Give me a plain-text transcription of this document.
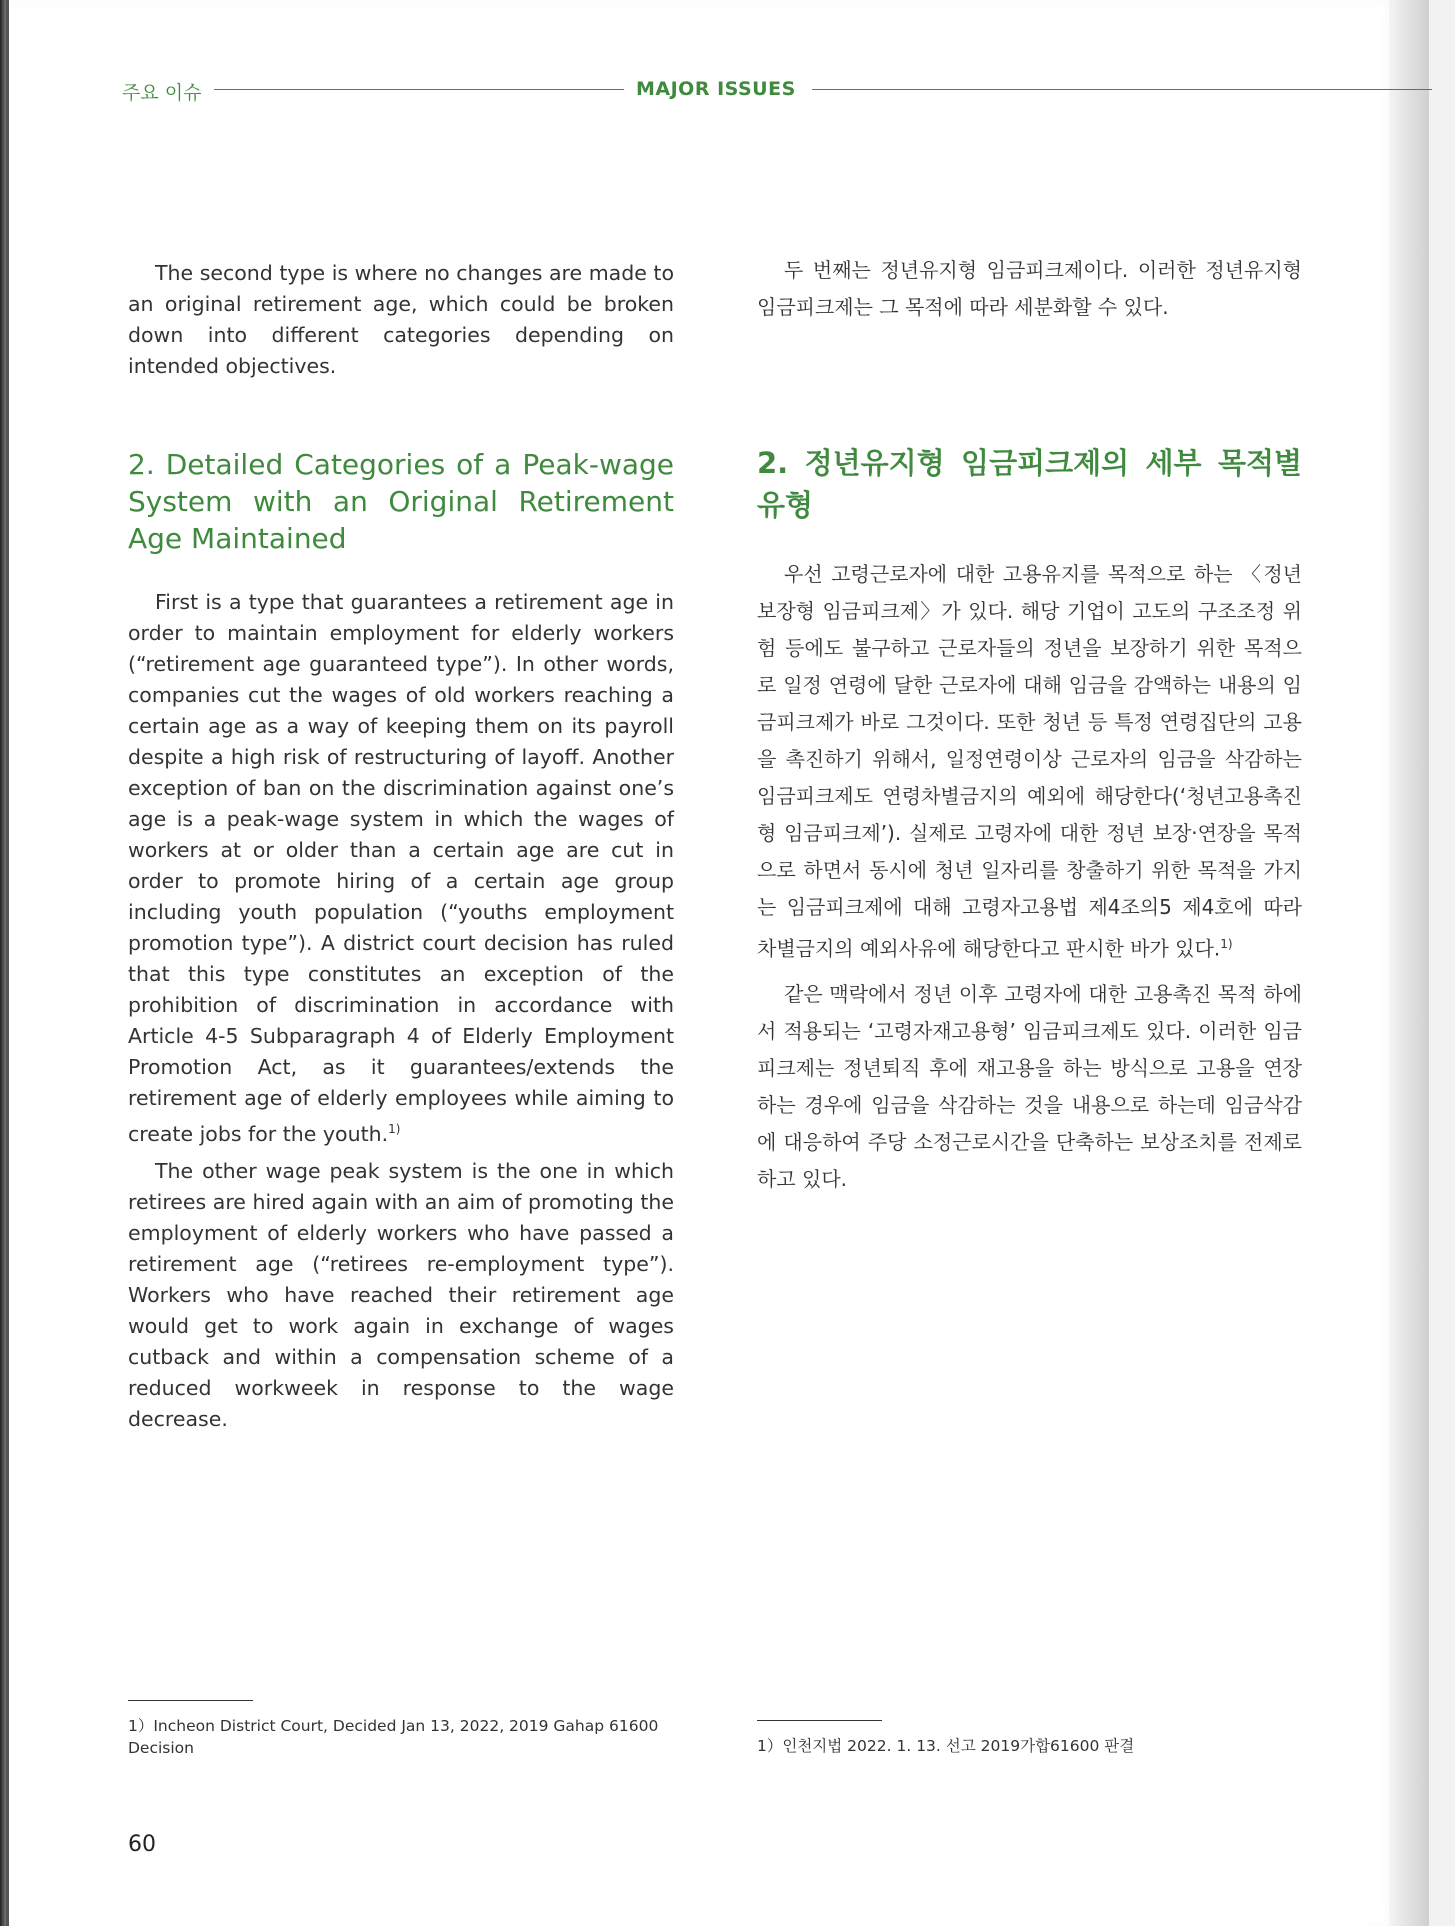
주요 이슈	MAJOR ISSUES

The second type is where no changes are made to an original retirement age, which could be broken down into different categories depending on intended objectives.

2. Detailed Categories of a Peak-wage System with an Original Retirement Age Maintained

First is a type that guarantees a retirement age in order to maintain employment for elderly workers (“retirement age guaranteed type”). In other words, companies cut the wages of old workers reaching a certain age as a way of keeping them on its payroll despite a high risk of restructuring of layoff. Another exception of ban on the discrimination against one’s age is a peak-wage system in which the wages of workers at or older than a certain age are cut in order to promote hiring of a certain age group including youth population (“youths employment promotion type”). A district court decision has ruled that this type constitutes an exception of the prohibition of discrimination in accordance with Article 4-5 Subparagraph 4 of Elderly Employment Promotion Act, as it guarantees/extends the retirement age of elderly employees while aiming to create jobs for the youth.$^{1)}$

The other wage peak system is the one in which retirees are hired again with an aim of promoting the employment of elderly workers who have passed a retirement age (“retirees re-employment type”). Workers who have reached their retirement age would get to work again in exchange of wages cutback and within a compensation scheme of a reduced workweek in response to the wage decrease.

1）Incheon District Court, Decided Jan 13, 2022, 2019 Gahap 61600 Decision

두 번째는 정년유지형 임금피크제이다. 이러한 정년유지형 임금피크제는 그 목적에 따라 세분화할 수 있다.

2. 정년유지형 임금피크제의 세부 목적별 유형

우선 고령근로자에 대한 고용유지를 목적으로 하는 〈정년보장형 임금피크제〉가 있다. 해당 기업이 고도의 구조조정 위험 등에도 불구하고 근로자들의 정년을 보장하기 위한 목적으로 일정 연령에 달한 근로자에 대해 임금을 감액하는 내용의 임금피크제가 바로 그것이다. 또한 청년 등 특정 연령집단의 고용을 촉진하기 위해서, 일정연령이상 근로자의 임금을 삭감하는 임금피크제도 연령차별금지의 예외에 해당한다(‘청년고용촉진형 임금피크제’). 실제로 고령자에 대한 정년 보장·연장을 목적으로 하면서 동시에 청년 일자리를 창출하기 위한 목적을 가지는 임금피크제에 대해 고령자고용법 제4조의5 제4호에 따라 차별금지의 예외사유에 해당한다고 판시한 바가 있다.$^{1)}$

같은 맥락에서 정년 이후 고령자에 대한 고용촉진 목적 하에서 적용되는 ‘고령자재고용형’ 임금피크제도 있다. 이러한 임금피크제는 정년퇴직 후에 재고용을 하는 방식으로 고용을 연장하는 경우에 임금을 삭감하는 것을 내용으로 하는데 임금삭감에 대응하여 주당 소정근로시간을 단축하는 보상조치를 전제로 하고 있다.

1）인천지법 2022. 1. 13. 선고 2019가합61600 판결
60
